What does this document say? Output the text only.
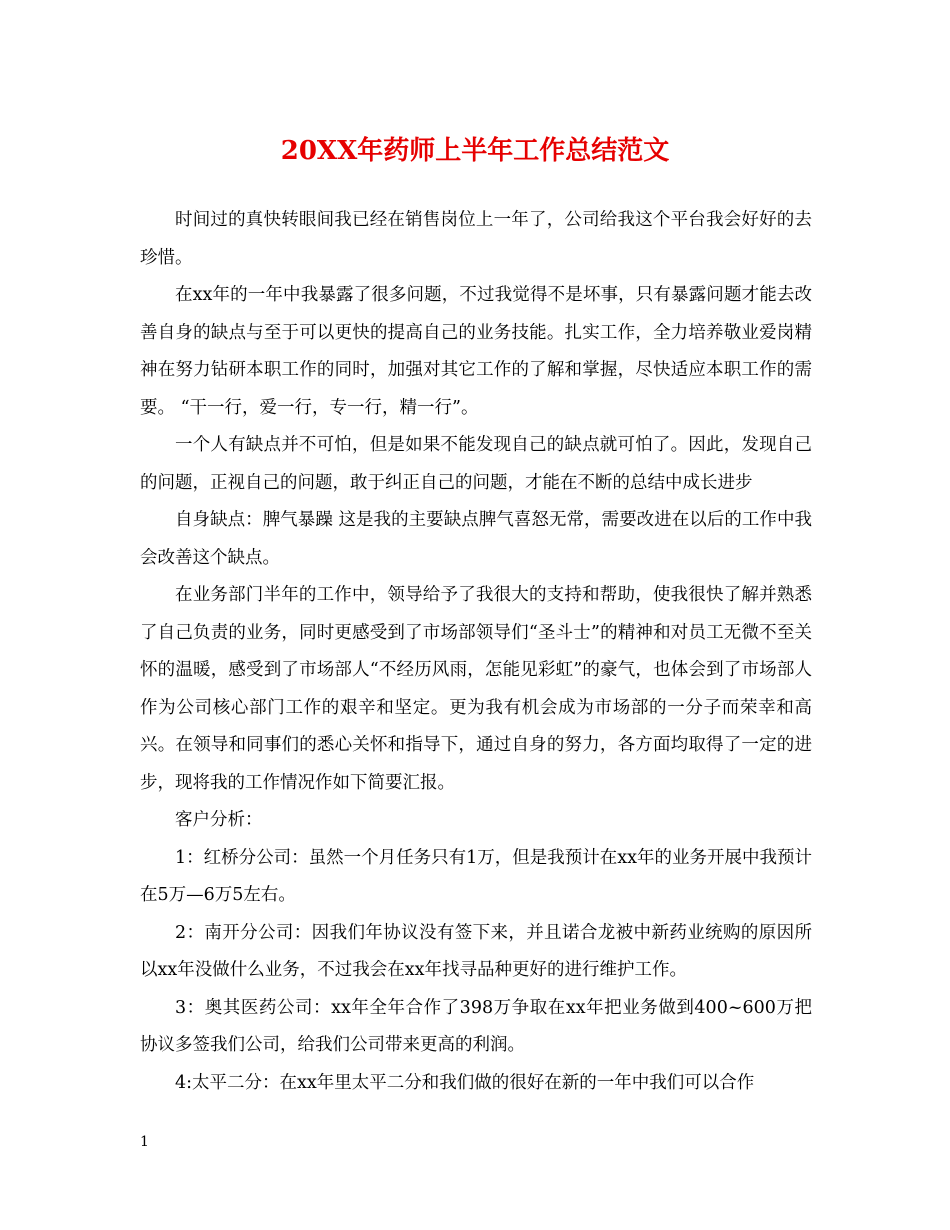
20XX年药师上半年工作总结范文

时间过的真快转眼间我已经在销售岗位上一年了，公司给我这个平台我会好好的去珍惜。

在xx年的一年中我暴露了很多问题，不过我觉得不是坏事，只有暴露问题才能去改善自身的缺点与至于可以更快的提高自己的业务技能。扎实工作，全力培养敬业爱岗精神在努力钻研本职工作的同时，加强对其它工作的了解和掌握，尽快适应本职工作的需要。 “干一行，爱一行，专一行，精一行”。

一个人有缺点并不可怕，但是如果不能发现自己的缺点就可怕了。因此，发现自己的问题，正视自己的问题，敢于纠正自己的问题，才能在不断的总结中成长进步

自身缺点：脾气暴躁 这是我的主要缺点脾气喜怒无常，需要改进在以后的工作中我会改善这个缺点。

在业务部门半年的工作中，领导给予了我很大的支持和帮助，使我很快了解并熟悉了自己负责的业务，同时更感受到了市场部领导们“圣斗士”的精神和对员工无微不至关怀的温暖，感受到了市场部人“不经历风雨，怎能见彩虹”的豪气，也体会到了市场部人作为公司核心部门工作的艰辛和坚定。更为我有机会成为市场部的一分子而荣幸和高兴。在领导和同事们的悉心关怀和指导下，通过自身的努力，各方面均取得了一定的进步，现将我的工作情况作如下简要汇报。

客户分析：

1：红桥分公司：虽然一个月任务只有1万，但是我预计在xx年的业务开展中我预计在5万—6万5左右。

2：南开分公司：因我们年协议没有签下来，并且诺合龙被中新药业统购的原因所以xx年没做什么业务，不过我会在xx年找寻品种更好的进行维护工作。

3：奥其医药公司：xx年全年合作了398万争取在xx年把业务做到400~600万把协议多签我们公司，给我们公司带来更高的利润。

4:太平二分：在xx年里太平二分和我们做的很好在新的一年中我们可以合作

1
